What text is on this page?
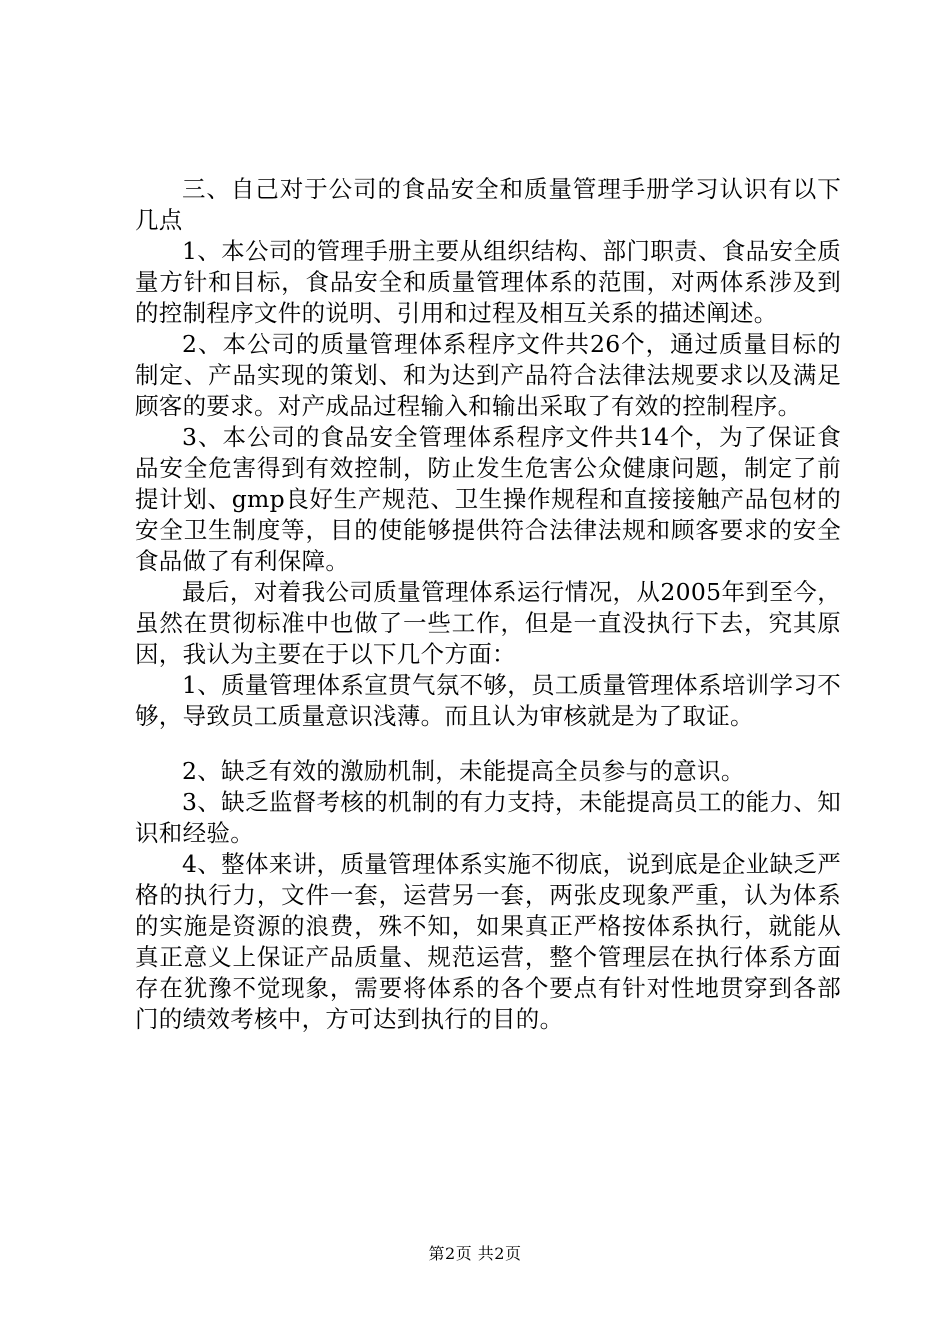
三、自己对于公司的食品安全和质量管理手册学习认识有以下几点

1、本公司的管理手册主要从组织结构、部门职责、食品安全质量方针和目标，食品安全和质量管理体系的范围，对两体系涉及到的控制程序文件的说明、引用和过程及相互关系的描述阐述。

2、本公司的质量管理体系程序文件共26个，通过质量目标的制定、产品实现的策划、和为达到产品符合法律法规要求以及满足顾客的要求。对产成品过程输入和输出采取了有效的控制程序。

3、本公司的食品安全管理体系程序文件共14个，为了保证食品安全危害得到有效控制，防止发生危害公众健康问题，制定了前提计划、gmp良好生产规范、卫生操作规程和直接接触产品包材的安全卫生制度等，目的使能够提供符合法律法规和顾客要求的安全食品做了有利保障。

最后，对着我公司质量管理体系运行情况，从2005年到至今，虽然在贯彻标准中也做了一些工作，但是一直没执行下去，究其原因，我认为主要在于以下几个方面：

1、质量管理体系宣贯气氛不够，员工质量管理体系培训学习不够，导致员工质量意识浅薄。而且认为审核就是为了取证。

2、缺乏有效的激励机制，未能提高全员参与的意识。

3、缺乏监督考核的机制的有力支持，未能提高员工的能力、知识和经验。

4、整体来讲，质量管理体系实施不彻底，说到底是企业缺乏严格的执行力，文件一套，运营另一套，两张皮现象严重，认为体系的实施是资源的浪费，殊不知，如果真正严格按体系执行，就能从真正意义上保证产品质量、规范运营，整个管理层在执行体系方面存在犹豫不觉现象，需要将体系的各个要点有针对性地贯穿到各部门的绩效考核中，方可达到执行的目的。

第2页 共2页
